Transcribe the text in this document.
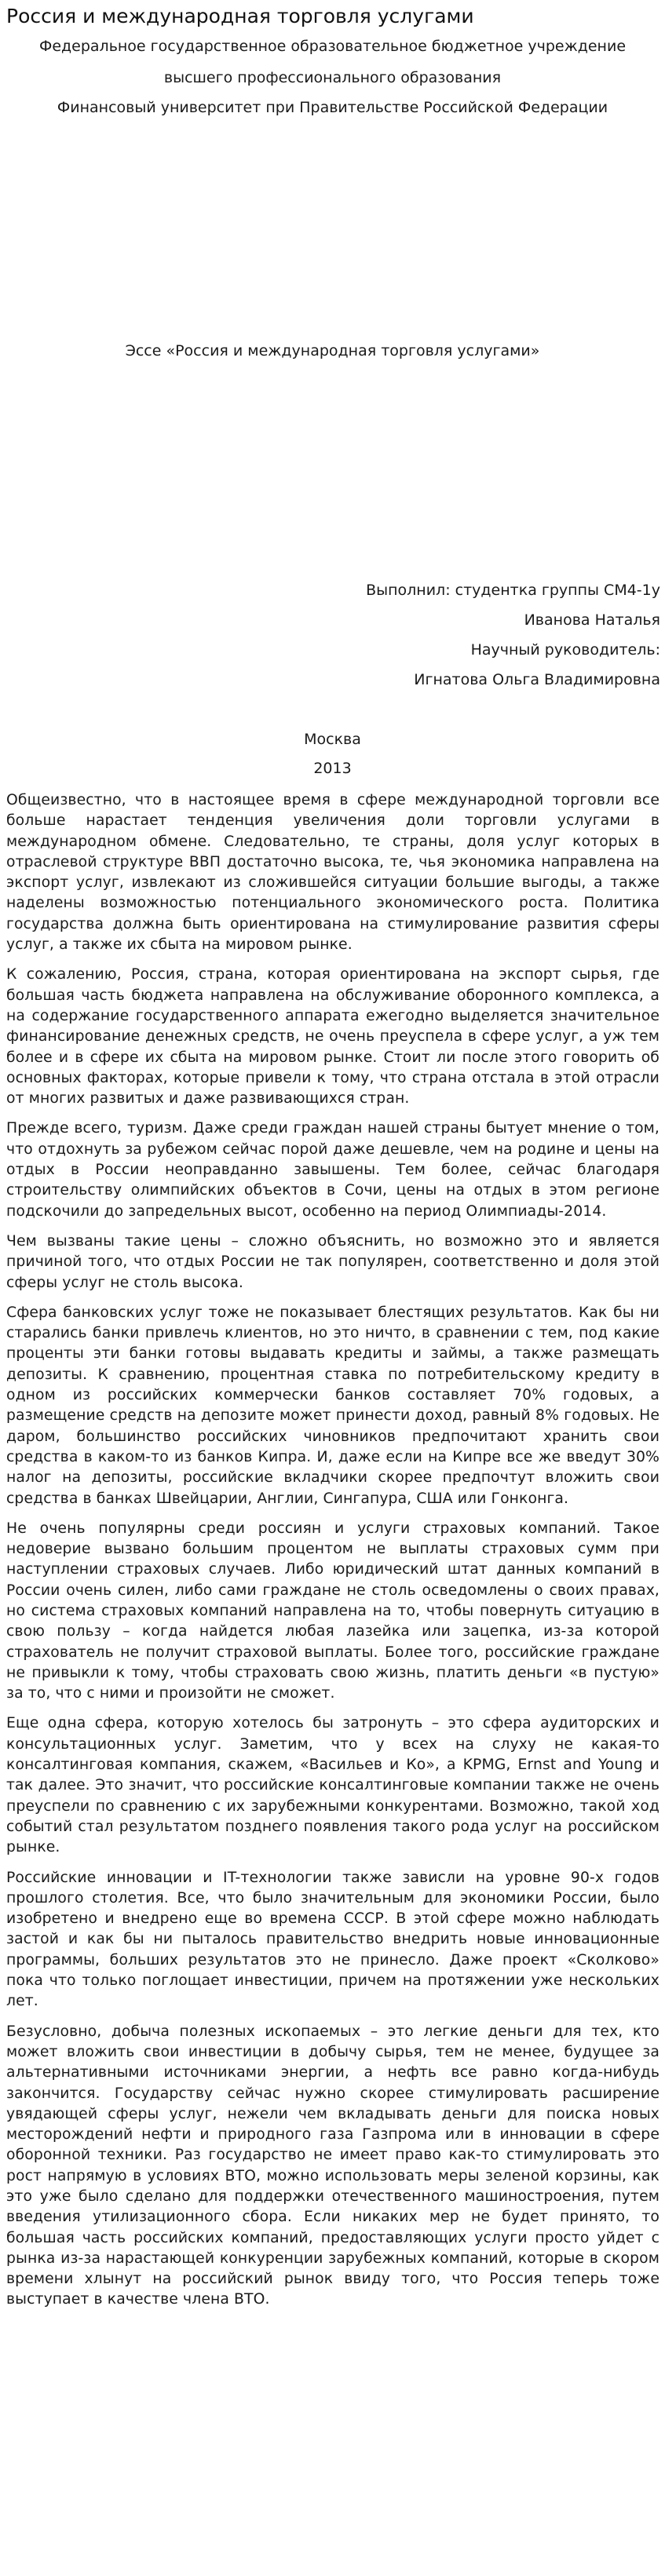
Россия и международная торговля услугами

Федеральное государственное образовательное бюджетное учреждение

высшего профессионального образования

Финансовый университет при Правительстве Российской Федерации

Эссе «Россия и международная торговля услугами»

Выполнил: студентка группы СМ4-1у

Иванова Наталья

Научный руководитель:

Игнатова Ольга Владимировна

Москва

2013

Общеизвестно, что в настоящее время в сфере международной торговли все больше нарастает тенденция увеличения доли торговли услугами в международном обмене. Следовательно, те страны, доля услуг которых в отраслевой структуре ВВП достаточно высока, те, чья экономика направлена на экспорт услуг, извлекают из сложившейся ситуации большие выгоды, а также наделены возможностью потенциального экономического роста. Политика государства должна быть ориентирована на стимулирование развития сферы услуг, а также их сбыта на мировом рынке.

К сожалению, Россия, страна, которая ориентирована на экспорт сырья, где большая часть бюджета направлена на обслуживание оборонного комплекса, а на содержание государственного аппарата ежегодно выделяется значительное финансирование денежных средств, не очень преуспела в сфере услуг, а уж тем более и в сфере их сбыта на мировом рынке. Стоит ли после этого говорить об основных факторах, которые привели к тому, что страна отстала в этой отрасли от многих развитых и даже развивающихся стран.

Прежде всего, туризм. Даже среди граждан нашей страны бытует мнение о том, что отдохнуть за рубежом сейчас порой даже дешевле, чем на родине и цены на отдых в России неоправданно завышены. Тем более, сейчас благодаря строительству олимпийских объектов в Сочи, цены на отдых в этом регионе подскочили до запредельных высот, особенно на период Олимпиады-2014.

Чем вызваны такие цены – сложно объяснить, но возможно это и является причиной того, что отдых России не так популярен, соответственно и доля этой сферы услуг не столь высока.

Сфера банковских услуг тоже не показывает блестящих результатов. Как бы ни старались банки привлечь клиентов, но это ничто, в сравнении с тем, под какие проценты эти банки готовы выдавать кредиты и займы, а также размещать депозиты. К сравнению, процентная ставка по потребительскому кредиту в одном из российских коммерчески банков составляет 70% годовых, а размещение средств на депозите может принести доход, равный 8% годовых. Не даром, большинство российских чиновников предпочитают хранить свои средства в каком-то из банков Кипра. И, даже если на Кипре все же введут 30% налог на депозиты, российские вкладчики скорее предпочтут вложить свои средства в банках Швейцарии, Англии, Сингапура, США или Гонконга.

Не очень популярны среди россиян и услуги страховых компаний. Такое недоверие вызвано большим процентом не выплаты страховых сумм при наступлении страховых случаев. Либо юридический штат данных компаний в России очень силен, либо сами граждане не столь осведомлены о своих правах, но система страховых компаний направлена на то, чтобы повернуть ситуацию в свою пользу – когда найдется любая лазейка или зацепка, из-за которой страхователь не получит страховой выплаты. Более того, российские граждане не привыкли к тому, чтобы страховать свою жизнь, платить деньги «в пустую» за то, что с ними и произойти не сможет.

Еще одна сфера, которую хотелось бы затронуть – это сфера аудиторских и консультационных услуг. Заметим, что у всех на слуху не какая-то консалтинговая компания, скажем, «Васильев и Ко», а KPMG, Ernst and Young и так далее. Это значит, что российские консалтинговые компании также не очень преуспели по сравнению с их зарубежными конкурентами. Возможно, такой ход событий стал результатом позднего появления такого рода услуг на российском рынке.

Российские инновации и IT-технологии также зависли на уровне 90-х годов прошлого столетия. Все, что было значительным для экономики России, было изобретено и внедрено еще во времена СССР. В этой сфере можно наблюдать застой и как бы ни пыталось правительство внедрить новые инновационные программы, больших результатов это не принесло. Даже проект «Сколково» пока что только поглощает инвестиции, причем на протяжении уже нескольких лет.

Безусловно, добыча полезных ископаемых – это легкие деньги для тех, кто может вложить свои инвестиции в добычу сырья, тем не менее, будущее за альтернативными источниками энергии, а нефть все равно когда-нибудь закончится. Государству сейчас нужно скорее стимулировать расширение увядающей сферы услуг, нежели чем вкладывать деньги для поиска новых месторождений нефти и природного газа Газпрома или в инновации в сфере оборонной техники. Раз государство не имеет право как-то стимулировать это рост напрямую в условиях ВТО, можно использовать меры зеленой корзины, как это уже было сделано для поддержки отечественного машиностроения, путем введения утилизационного сбора. Если никаких мер не будет принято, то большая часть российских компаний, предоставляющих услуги просто уйдет с рынка из-за нарастающей конкуренции зарубежных компаний, которые в скором времени хлынут на российский рынок ввиду того, что Россия теперь тоже выступает в качестве члена ВТО.
